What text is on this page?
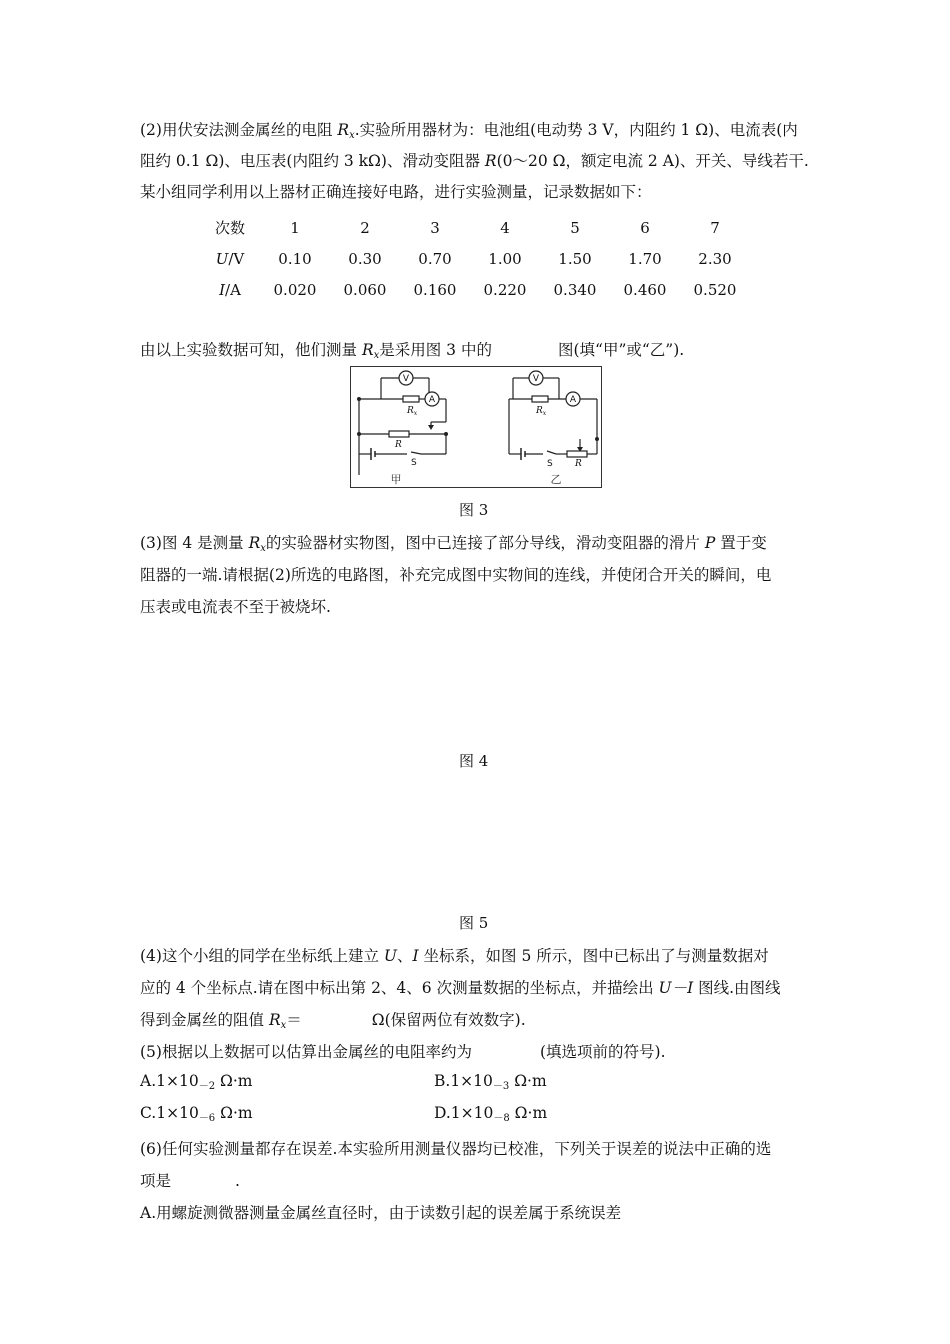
(2)用伏安法测金属丝的电阻 $R_x$.实验所用器材为：电池组(电动势 3 V，内阻约 1 Ω)、电流表(内
阻约 0.1 Ω)、电压表(内阻约 3 kΩ)、滑动变阻器 R(0～20 Ω，额定电流 2 A)、开关、导线若干.
某小组同学利用以上器材正确连接好电路，进行实验测量，记录数据如下：
次数	1	2	3	4	5	6	7
U/V	0.10	0.30	0.70	1.00	1.50	1.70	2.30
I/A	0.020	0.060	0.160	0.220	0.340	0.460	0.520
由以上实验数据可知，他们测量 $R_x$是采用图 3 中的	图(填“甲”或“乙”).
V
A
V
A
$R_x$	$R_x$
R
R
S	S
甲	乙
图 3
(3)图 4 是测量 $R_x$的实验器材实物图，图中已连接了部分导线，滑动变阻器的滑片 P 置于变
阻器的一端.请根据(2)所选的电路图，补充完成图中实物间的连线，并使闭合开关的瞬间，电
压表或电流表不至于被烧坏.
图 4
图 5
(4)这个小组的同学在坐标纸上建立 U、I 坐标系，如图 5 所示，图中已标出了与测量数据对
应的 4 个坐标点.请在图中标出第 2、4、6 次测量数据的坐标点，并描绘出 U－I 图线.由图线
得到金属丝的阻值 $R_x=$	Ω(保留两位有效数字).
(5)根据以上数据可以估算出金属丝的电阻率约为	(填选项前的符号).
$A.1\times 10_{-2}$ Ω·m	$B.1\times 10_{-3}$ Ω·m
$C.1\times 10_{-6}$ Ω·m	$D.1\times 10_{-8}$ Ω·m
(6)任何实验测量都存在误差.本实验所用测量仪器均已校准，下列关于误差的说法中正确的选
项是	.
A.用螺旋测微器测量金属丝直径时，由于读数引起的误差属于系统误差
